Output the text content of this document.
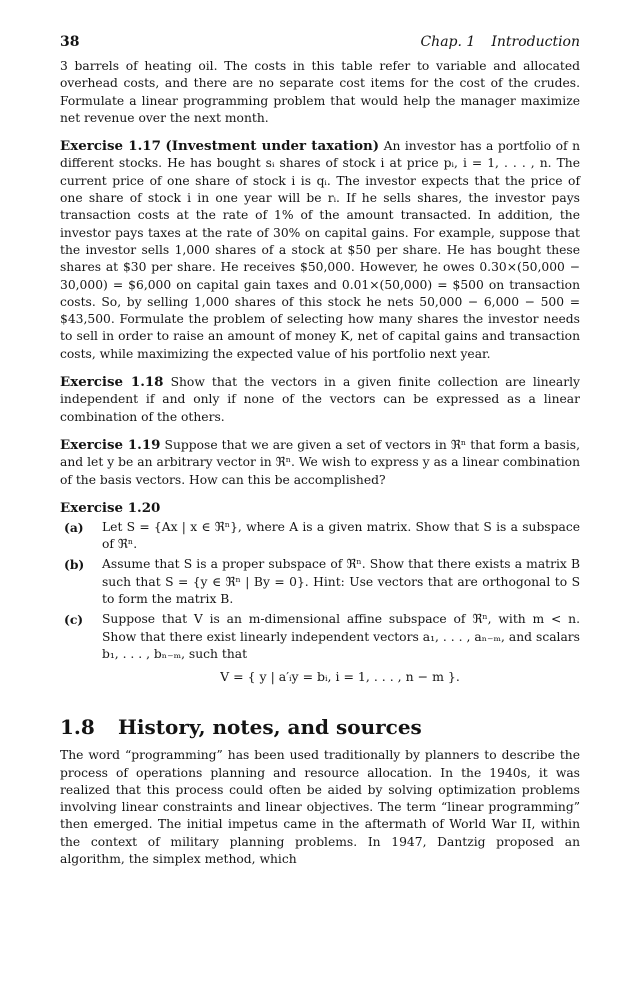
38	Chap. 1 Introduction

3 barrels of heating oil. The costs in this table refer to variable and allocated overhead costs, and there are no separate cost items for the cost of the crudes. Formulate a linear programming problem that would help the manager maximize net revenue over the next month.

Exercise 1.17 (Investment under taxation) An investor has a portfolio of n different stocks. He has bought sᵢ shares of stock i at price pᵢ, i = 1, . . . , n. The current price of one share of stock i is qᵢ. The investor expects that the price of one share of stock i in one year will be rᵢ. If he sells shares, the investor pays transaction costs at the rate of 1% of the amount transacted. In addition, the investor pays taxes at the rate of 30% on capital gains. For example, suppose that the investor sells 1,000 shares of a stock at $50 per share. He has bought these shares at $30 per share. He receives $50,000. However, he owes 0.30×(50,000 − 30,000) = $6,000 on capital gain taxes and 0.01×(50,000) = $500 on transaction costs. So, by selling 1,000 shares of this stock he nets 50,000 − 6,000 − 500 = $43,500. Formulate the problem of selecting how many shares the investor needs to sell in order to raise an amount of money K, net of capital gains and transaction costs, while maximizing the expected value of his portfolio next year.

Exercise 1.18 Show that the vectors in a given finite collection are linearly independent if and only if none of the vectors can be expressed as a linear combination of the others.

Exercise 1.19 Suppose that we are given a set of vectors in ℜⁿ that form a basis, and let y be an arbitrary vector in ℜⁿ. We wish to express y as a linear combination of the basis vectors. How can this be accomplished?

Exercise 1.20
(a)	Let S = {Ax | x ∈ ℜⁿ}, where A is a given matrix. Show that S is a subspace of ℜⁿ.
(b)	Assume that S is a proper subspace of ℜⁿ. Show that there exists a matrix B such that S = {y ∈ ℜⁿ | By = 0}. Hint: Use vectors that are orthogonal to S to form the matrix B.
(c)	Suppose that V is an m-dimensional affine subspace of ℜⁿ, with m < n. Show that there exist linearly independent vectors a₁, . . . , aₙ₋ₘ, and scalars b₁, . . . , bₙ₋ₘ, such that
V = { y | a′ᵢy = bᵢ, i = 1, . . . , n − m }.
1.8	History, notes, and sources

The word “programming” has been used traditionally by planners to describe the process of operations planning and resource allocation. In the 1940s, it was realized that this process could often be aided by solving optimization problems involving linear constraints and linear objectives. The term “linear programming” then emerged. The initial impetus came in the aftermath of World War II, within the context of military planning problems. In 1947, Dantzig proposed an algorithm, the simplex method, which
